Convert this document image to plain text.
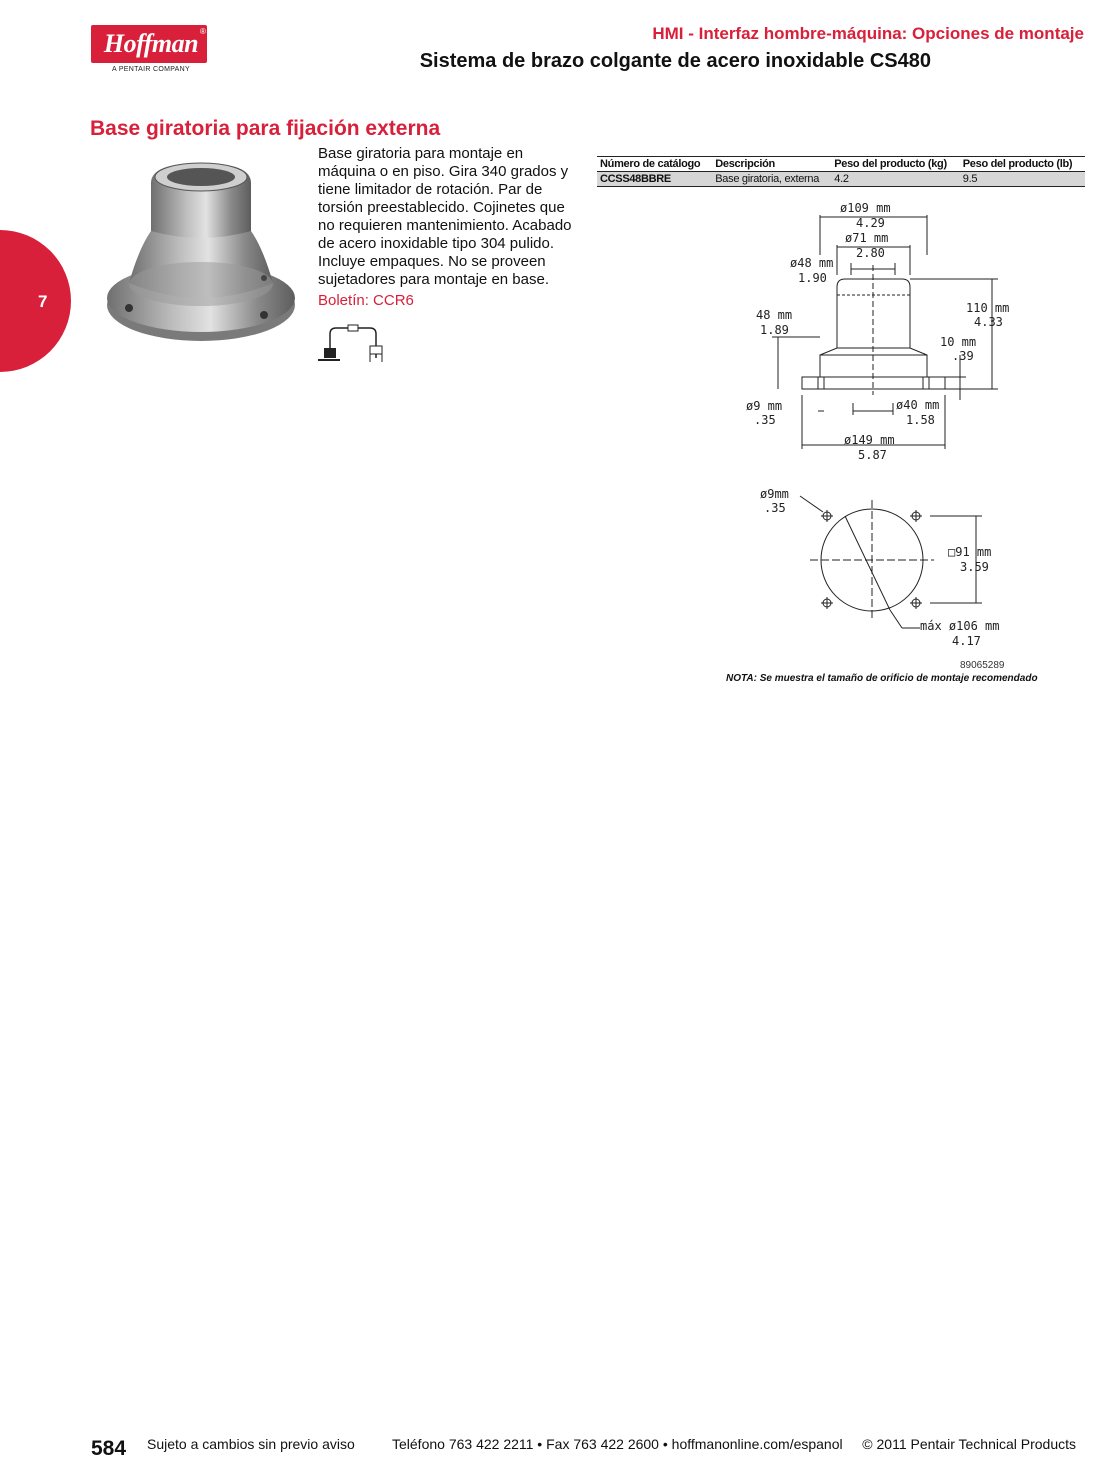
Hoffman ®
A PENTAIR COMPANY
HMI - Interfaz hombre-máquina: Opciones de montaje
Sistema de brazo colgante de acero inoxidable CS480
7
Base giratoria para fijación externa
Base giratoria para montaje en máquina o en piso. Gira 340 grados y tiene limitador de rotación. Par de torsión preestablecido. Cojinetes que no requieren mantenimiento. Acabado de acero inoxidable tipo 304 pulido. Incluye empaques. No se proveen sujetadores para montaje en base.
Boletín: CCR6
Número de catálogo	Descripción	Peso del producto (kg)	Peso del producto (lb)
CCSS48BBRE	Base giratoria, externa	4.2	9.5
ø109 mm
4.29
ø71 mm
2.80
ø48 mm
1.90
48 mm
1.89
110 mm
4.33
10 mm
.39
ø9 mm
.35
ø40 mm
1.58
ø149 mm
5.87
ø9mm
.35
□91 mm
3.59
máx ø106 mm
4.17
89065289
NOTA: Se muestra el tamaño de orificio de montaje recomendado
584 Sujeto a cambios sin previo aviso	Teléfono 763 422 2211 • Fax 763 422 2600 • hoffmanonline.com/espanol © 2011 Pentair Technical Products
